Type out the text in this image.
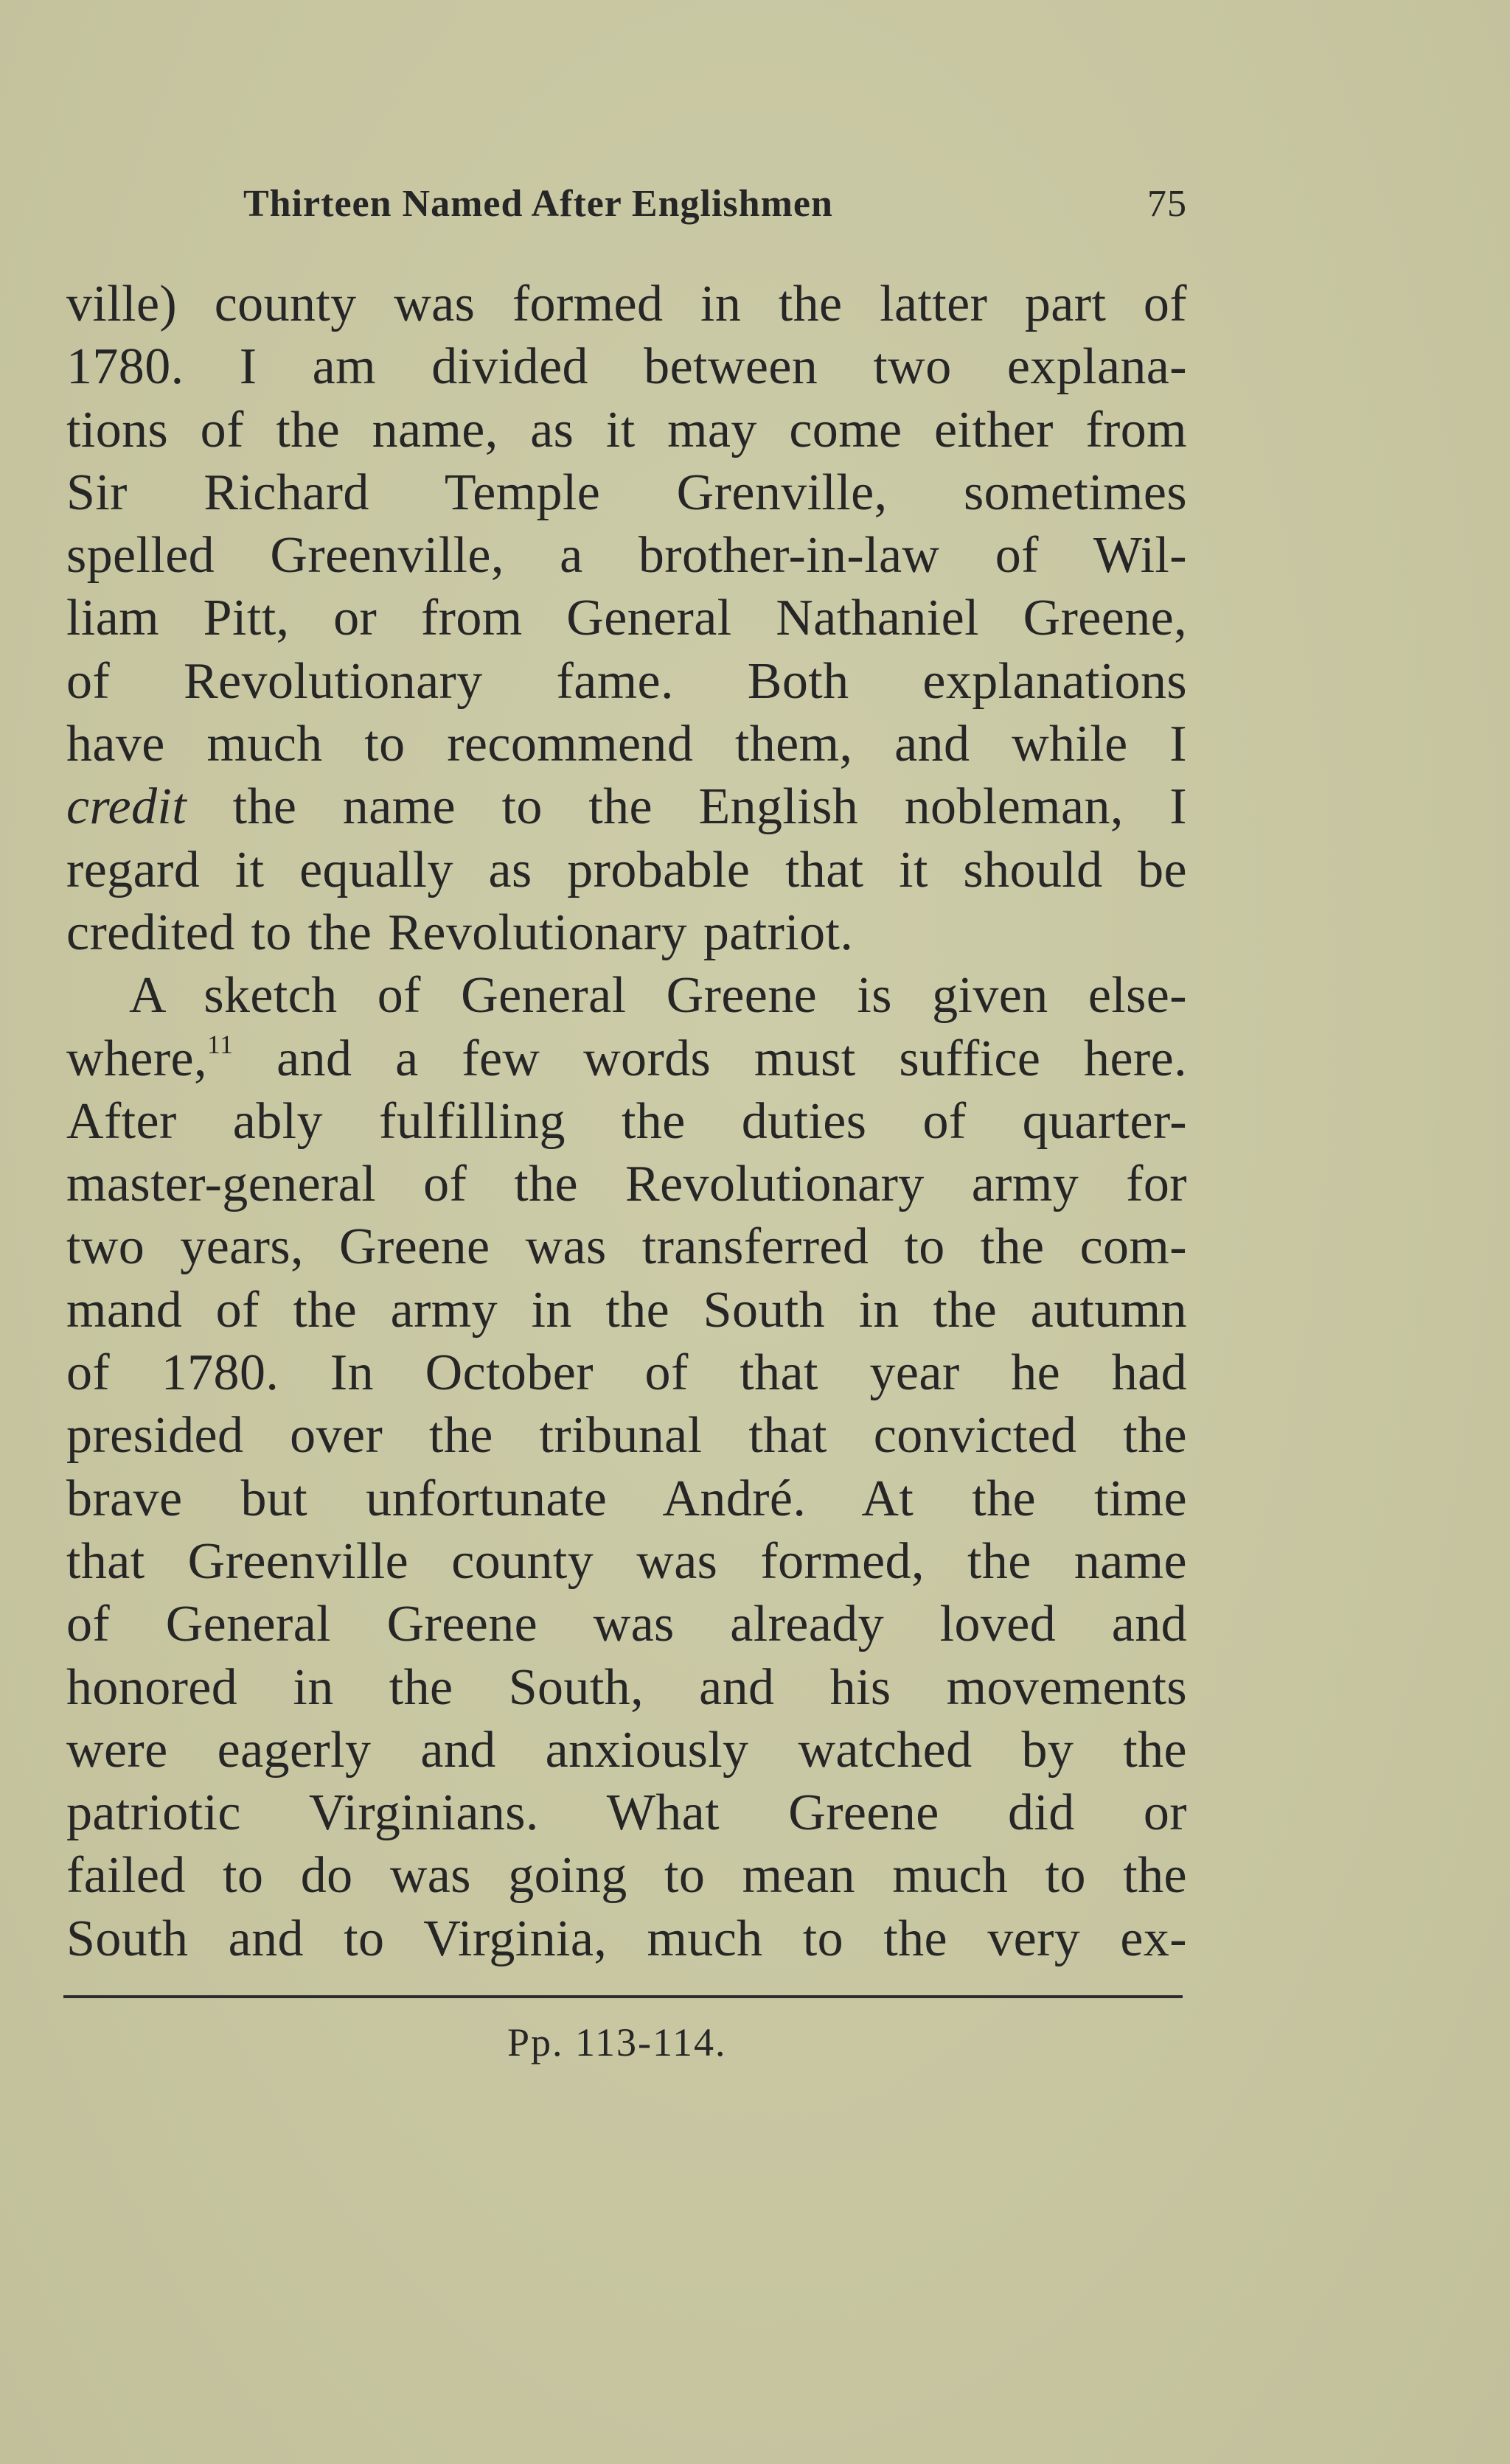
Thirteen Named After Englishmen	75
ville) county was formed in the latter part of
1780. I am divided between two explana-
tions of the name, as it may come either from
Sir Richard Temple Grenville, sometimes
spelled Greenville, a brother-in-law of Wil-
liam Pitt, or from General Nathaniel Greene,
of Revolutionary fame. Both explanations
have much to recommend them, and while I
credit the name to the English nobleman, I
regard it equally as probable that it should be
credited to the Revolutionary patriot.
A sketch of General Greene is given else-
where,$^{11}$ and a few words must suffice here.
After ably fulfilling the duties of quarter-
master-general of the Revolutionary army for
two years, Greene was transferred to the com-
mand of the army in the South in the autumn
of 1780. In October of that year he had
presided over the tribunal that convicted the
brave but unfortunate André. At the time
that Greenville county was formed, the name
of General Greene was already loved and
honored in the South, and his movements
were eagerly and anxiously watched by the
patriotic Virginians. What Greene did or
failed to do was going to mean much to the
South and to Virginia, much to the very ex-
Pp. 113-114.
